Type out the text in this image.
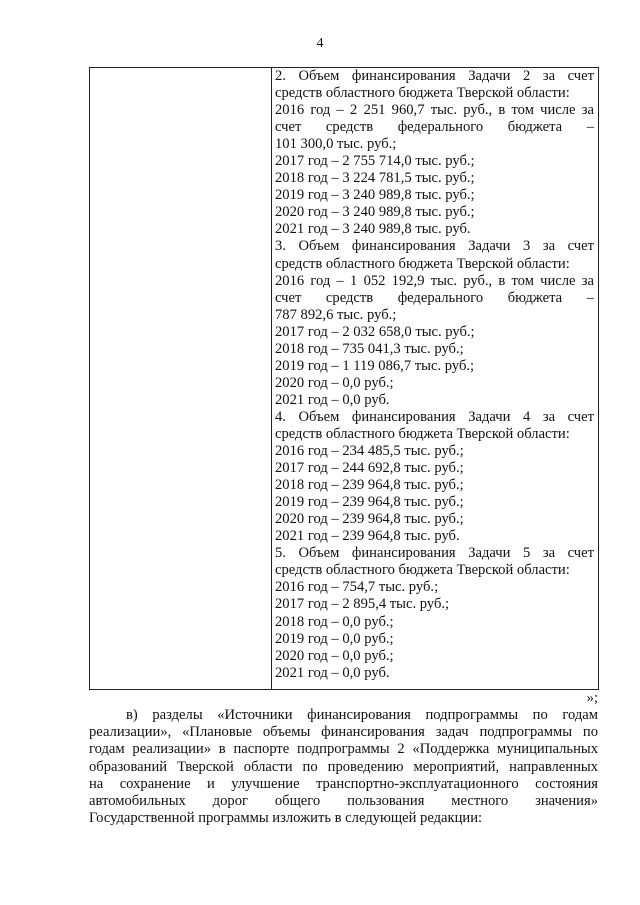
4
2. Объем финансирования Задачи 2 за счет
средств областного бюджета Тверской области:
2016 год – 2 251 960,7 тыс. руб., в том числе за
счет средств федерального бюджета –
101 300,0 тыс. руб.;
2017 год – 2 755 714,0 тыс. руб.;
2018 год – 3 224 781,5 тыс. руб.;
2019 год – 3 240 989,8 тыс. руб.;
2020 год – 3 240 989,8 тыс. руб.;
2021 год – 3 240 989,8 тыс. руб.
3. Объем финансирования Задачи 3 за счет
средств областного бюджета Тверской области:
2016 год – 1 052 192,9 тыс. руб., в том числе за
счет средств федерального бюджета –
787 892,6 тыс. руб.;
2017 год – 2 032 658,0 тыс. руб.;
2018 год – 735 041,3 тыс. руб.;
2019 год – 1 119 086,7 тыс. руб.;
2020 год – 0,0 руб.;
2021 год – 0,0 руб.
4. Объем финансирования Задачи 4 за счет
средств областного бюджета Тверской области:
2016 год – 234 485,5 тыс. руб.;
2017 год – 244 692,8 тыс. руб.;
2018 год – 239 964,8 тыс. руб.;
2019 год – 239 964,8 тыс. руб.;
2020 год – 239 964,8 тыс. руб.;
2021 год – 239 964,8 тыс. руб.
5. Объем финансирования Задачи 5 за счет
средств областного бюджета Тверской области:
2016 год – 754,7 тыс. руб.;
2017 год – 2 895,4 тыс. руб.;
2018 год – 0,0 руб.;
2019 год – 0,0 руб.;
2020 год – 0,0 руб.;
2021 год – 0,0 руб.
»;
в) разделы «Источники финансирования подпрограммы по годам
реализации», «Плановые объемы финансирования задач подпрограммы по
годам реализации» в паспорте подпрограммы 2 «Поддержка муниципальных
образований Тверской области по проведению мероприятий, направленных
на сохранение и улучшение транспортно-эксплуатационного состояния
автомобильных дорог общего пользования местного значения»
Государственной программы изложить в следующей редакции:
